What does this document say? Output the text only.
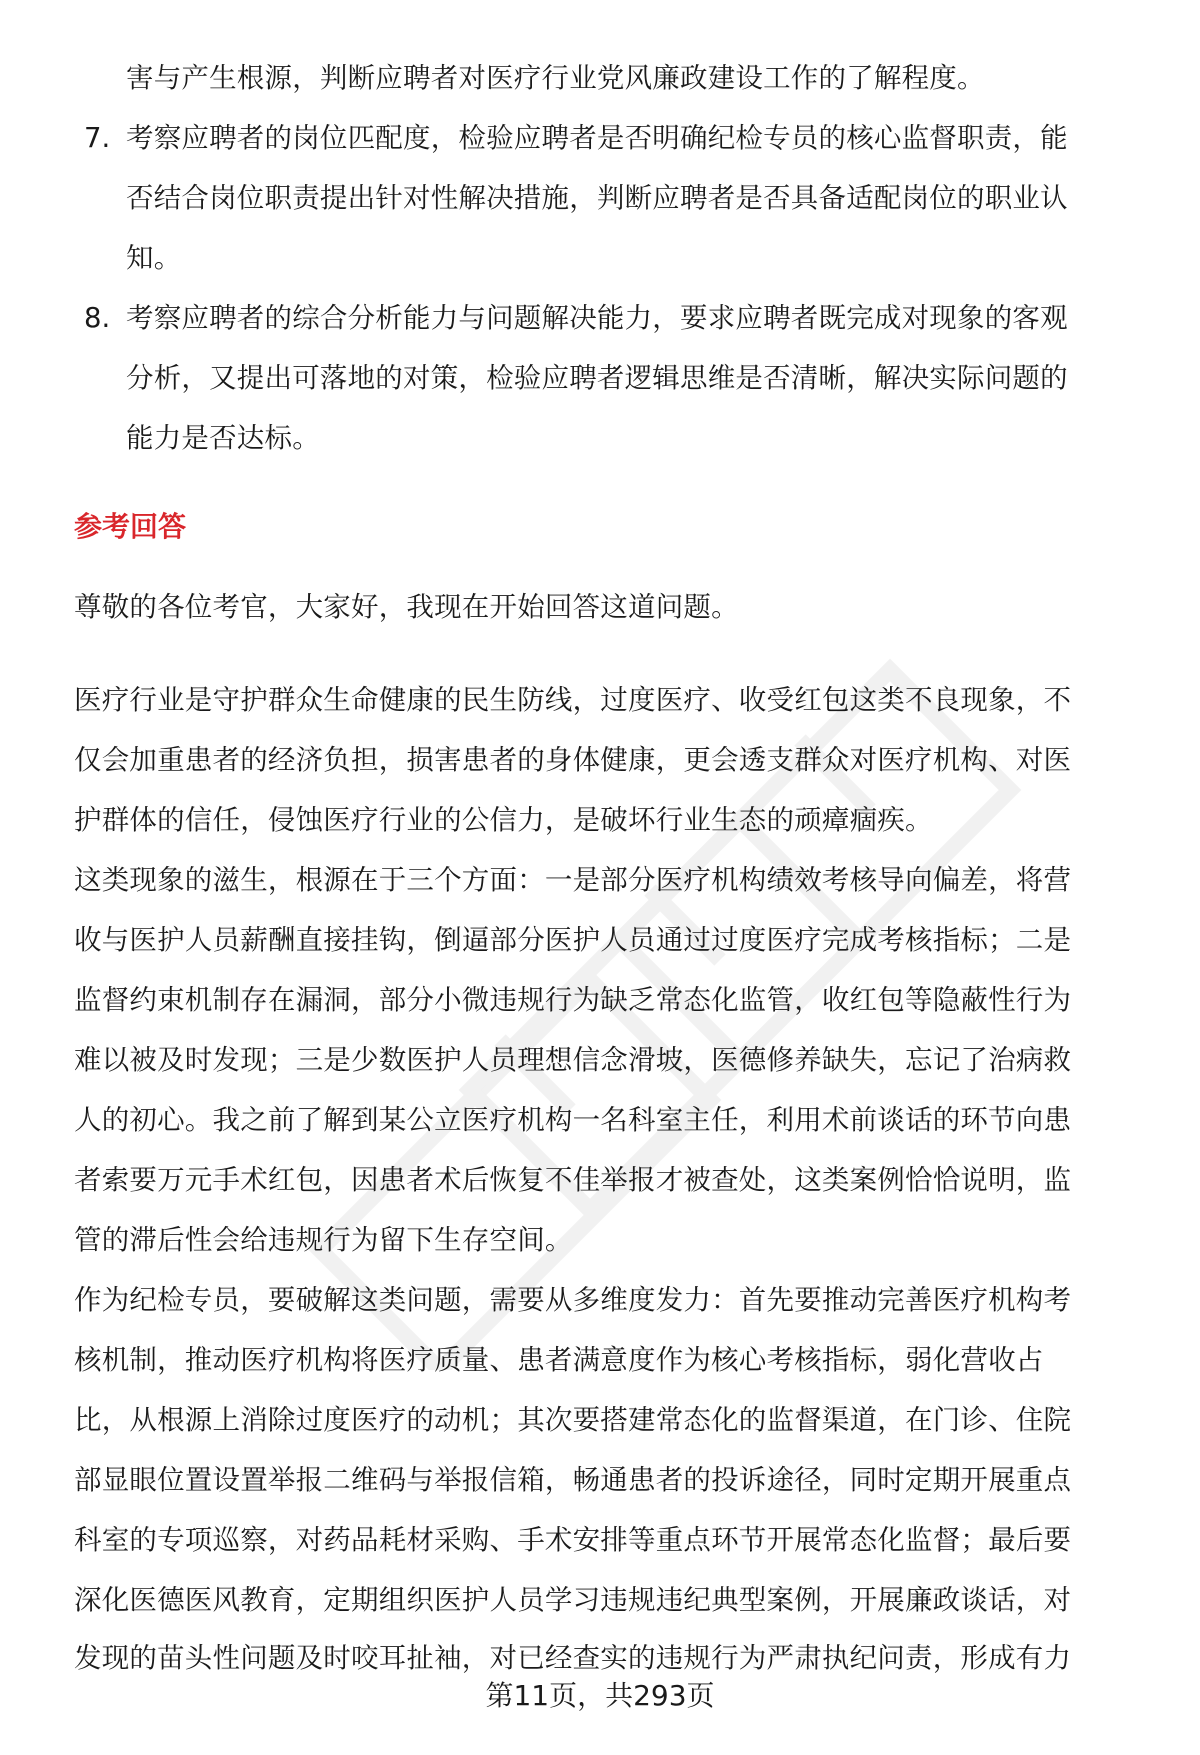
害与产生根源，判断应聘者对医疗行业党风廉政建设工作的了解程度。
7. 考察应聘者的岗位匹配度，检验应聘者是否明确纪检专员的核心监督职责，能
否结合岗位职责提出针对性解决措施，判断应聘者是否具备适配岗位的职业认
知。
8. 考察应聘者的综合分析能力与问题解决能力，要求应聘者既完成对现象的客观
分析，又提出可落地的对策，检验应聘者逻辑思维是否清晰，解决实际问题的
能力是否达标。
参考回答
尊敬的各位考官，大家好，我现在开始回答这道问题。
医疗行业是守护群众生命健康的民生防线，过度医疗、收受红包这类不良现象，不
仅会加重患者的经济负担，损害患者的身体健康，更会透支群众对医疗机构、对医
护群体的信任，侵蚀医疗行业的公信力，是破坏行业生态的顽瘴痼疾。
这类现象的滋生，根源在于三个方面：一是部分医疗机构绩效考核导向偏差，将营
收与医护人员薪酬直接挂钩，倒逼部分医护人员通过过度医疗完成考核指标；二是
监督约束机制存在漏洞，部分小微违规行为缺乏常态化监管，收红包等隐蔽性行为
难以被及时发现；三是少数医护人员理想信念滑坡，医德修养缺失，忘记了治病救
人的初心。我之前了解到某公立医疗机构一名科室主任，利用术前谈话的环节向患
者索要万元手术红包，因患者术后恢复不佳举报才被查处，这类案例恰恰说明，监
管的滞后性会给违规行为留下生存空间。
作为纪检专员，要破解这类问题，需要从多维度发力：首先要推动完善医疗机构考
核机制，推动医疗机构将医疗质量、患者满意度作为核心考核指标，弱化营收占
比，从根源上消除过度医疗的动机；其次要搭建常态化的监督渠道，在门诊、住院
部显眼位置设置举报二维码与举报信箱，畅通患者的投诉途径，同时定期开展重点
科室的专项巡察，对药品耗材采购、手术安排等重点环节开展常态化监督；最后要
深化医德医风教育，定期组织医护人员学习违规违纪典型案例，开展廉政谈话，对
发现的苗头性问题及时咬耳扯袖，对已经查实的违规行为严肃执纪问责，形成有力
第11页，共293页
